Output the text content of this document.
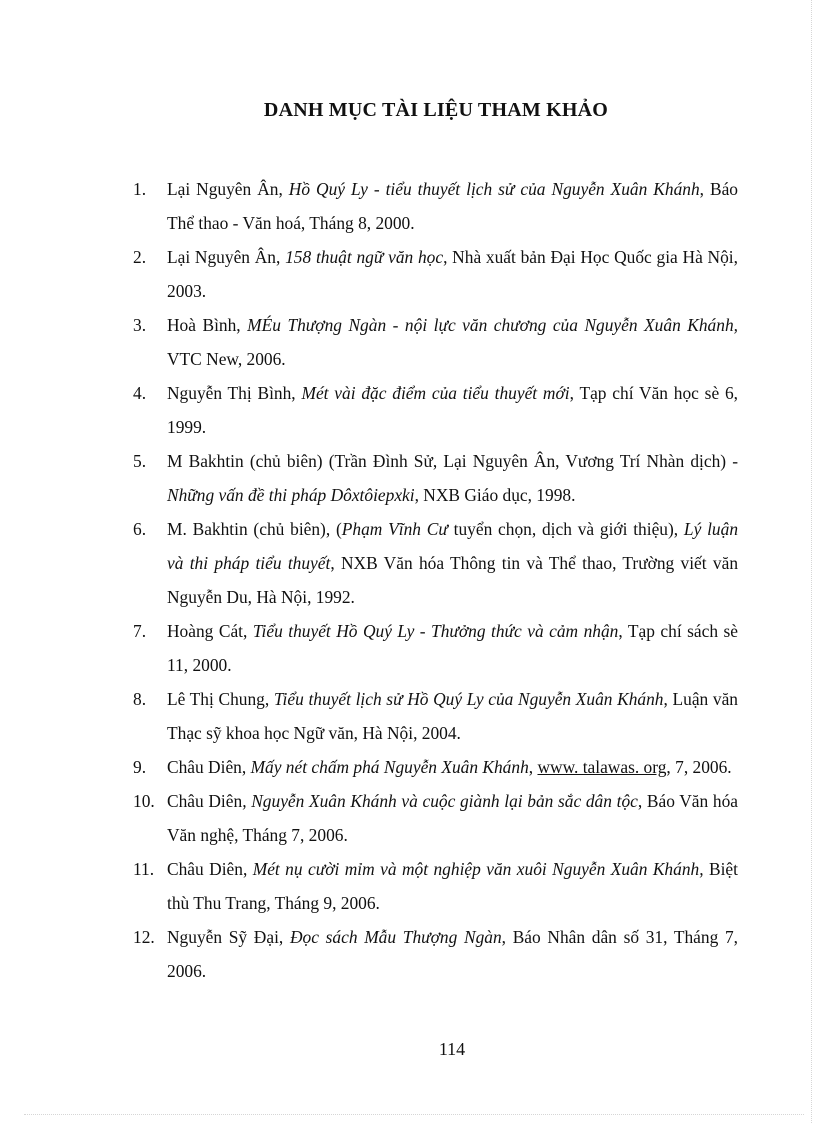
DANH MỤC TÀI LIỆU THAM KHẢO
1. Lại Nguyên Ân, Hồ Quý Ly - tiểu thuyết lịch sử của Nguyễn Xuân Khánh, Báo Thể thao - Văn hoá, Tháng 8, 2000.
2. Lại Nguyên Ân, 158 thuật ngữ văn học, Nhà xuất bản Đại Học Quốc gia Hà Nội, 2003.
3. Hoà Bình, MÉu Thượng Ngàn - nội lực văn chương của Nguyễn Xuân Khánh, VTC New, 2006.
4. Nguyễn Thị Bình, Mét vài đặc điểm của tiểu thuyết mới, Tạp chí Văn học sè 6, 1999.
5. M Bakhtin (chủ biên) (Trần Đình Sử, Lại Nguyên Ân, Vương Trí Nhàn dịch) - Những vấn đề thi pháp Dôxtôiepxki, NXB Giáo dục, 1998.
6. M. Bakhtin (chủ biên), (Phạm Vĩnh Cư tuyển chọn, dịch và giới thiệu), Lý luận và thi pháp tiểu thuyết, NXB Văn hóa Thông tin và Thể thao, Trường viết văn Nguyễn Du, Hà Nội, 1992.
7. Hoàng Cát, Tiểu thuyết Hồ Quý Ly - Thưởng thức và cảm nhận, Tạp chí sách sè 11, 2000.
8. Lê Thị Chung, Tiểu thuyết lịch sử Hồ Quý Ly của Nguyễn Xuân Khánh, Luận văn Thạc sỹ khoa học Ngữ văn, Hà Nội, 2004.
9. Châu Diên, Mấy nét chấm phá Nguyễn Xuân Khánh, www. talawas. org, 7, 2006.
10. Châu Diên, Nguyễn Xuân Khánh và cuộc giành lại bản sắc dân tộc, Báo Văn hóa Văn nghệ, Tháng 7, 2006.
11. Châu Diên, Mét nụ cười mỉm và một nghiệp văn xuôi Nguyễn Xuân Khánh, Biệt thù Thu Trang, Tháng 9, 2006.
12. Nguyễn Sỹ Đại, Đọc sách Mẫu Thượng Ngàn, Báo Nhân dân số 31, Tháng 7, 2006.
114
